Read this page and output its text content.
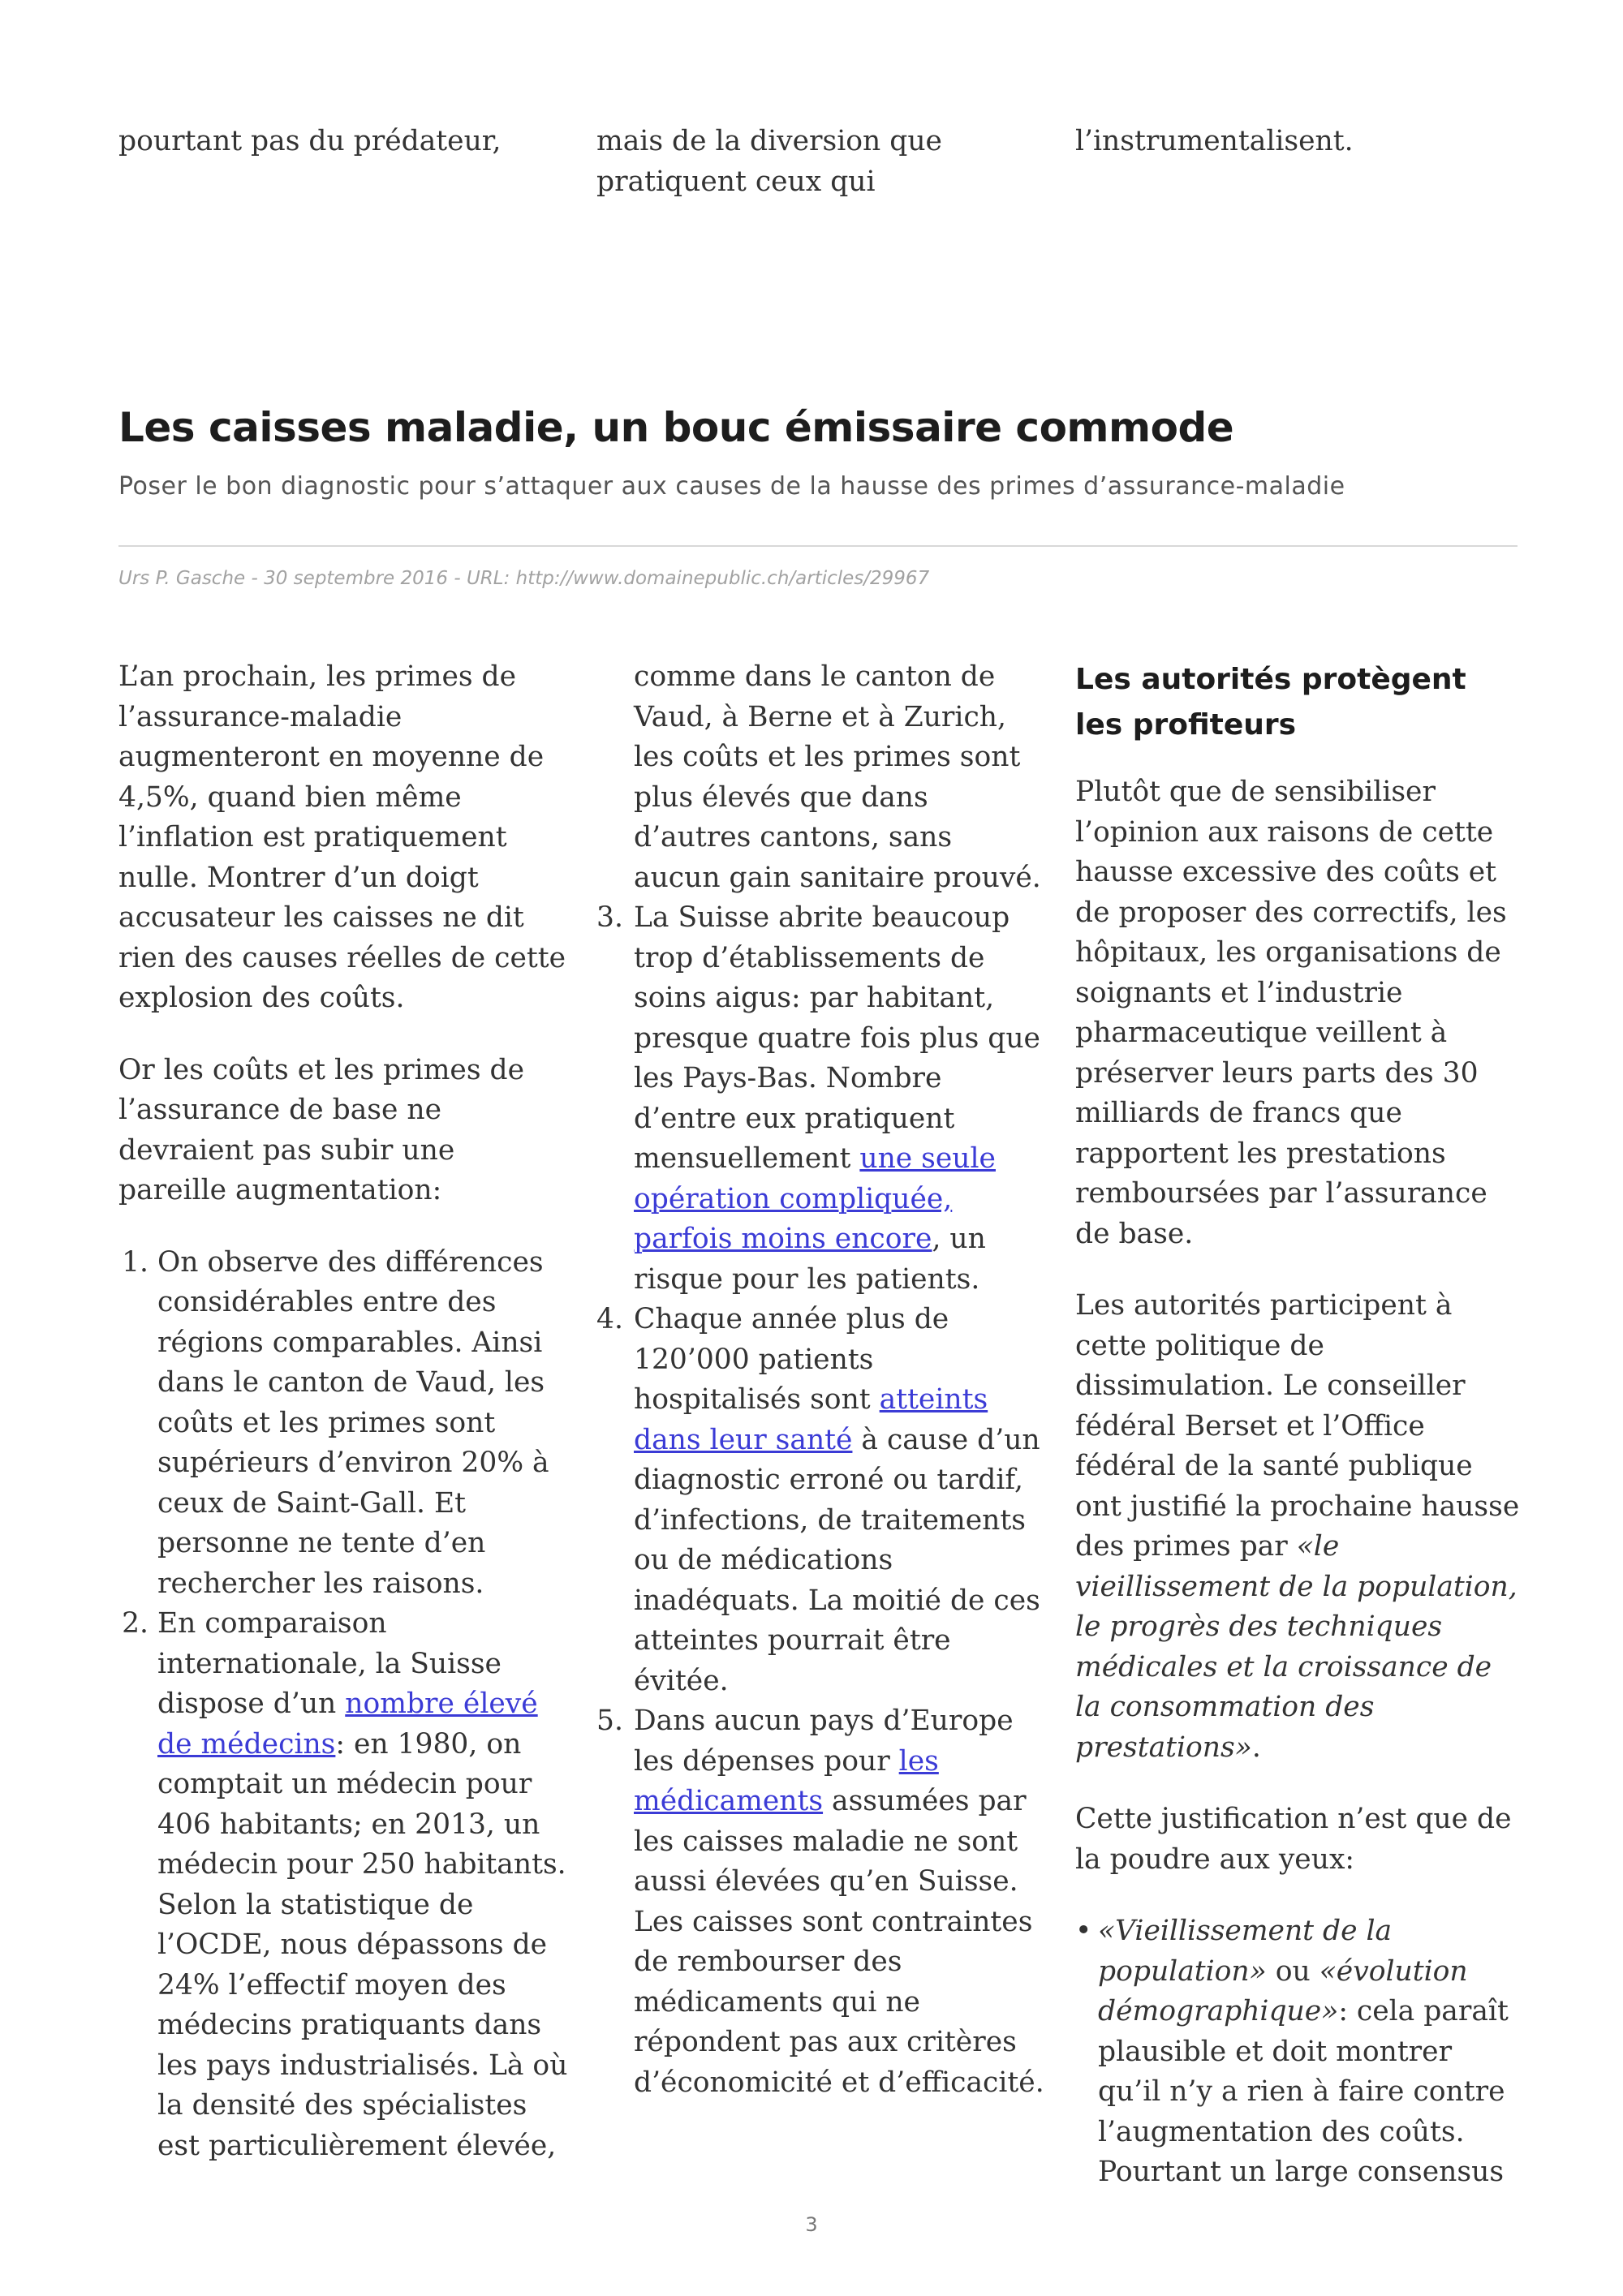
pourtant pas du prédateur,	mais de la diversion que pratiquent ceux qui
l’instrumentalisent.
Les caisses maladie, un bouc émissaire commode

Poser le bon diagnostic pour s’attaquer aux causes de la hausse des primes d’assurance-maladie

Urs P. Gasche - 30 septembre 2016 - URL: http://www.domainepublic.ch/articles/29967

L’an prochain, les primes de l’assurance-maladie augmenteront en moyenne de 4,5%, quand bien même l’inflation est pratiquement nulle. Montrer d’un doigt accusateur les caisses ne dit rien des causes réelles de cette explosion des coûts.

Or les coûts et les primes de l’assurance de base ne devraient pas subir une pareille augmentation:

1. On observe des différences considérables entre des régions comparables. Ainsi dans le canton de Vaud, les coûts et les primes sont supérieurs d’environ 20% à ceux de Saint-Gall. Et personne ne tente d’en rechercher les raisons.
2. En comparaison internationale, la Suisse dispose d’un nombre élevé de médecins: en 1980, on comptait un médecin pour 406 habitants; en 2013, un médecin pour 250 habitants. Selon la statistique de l’OCDE, nous dépassons de 24% l’effectif moyen des médecins pratiquants dans les pays industrialisés. Là où la densité des spécialistes est particulièrement élevée,
comme dans le canton de Vaud, à Berne et à Zurich, les coûts et les primes sont plus élevés que dans d’autres cantons, sans aucun gain sanitaire prouvé.
3. La Suisse abrite beaucoup trop d’établissements de soins aigus: par habitant, presque quatre fois plus que les Pays-Bas. Nombre d’entre eux pratiquent mensuellement une seule opération compliquée, parfois moins encore, un risque pour les patients.
4. Chaque année plus de 120’000 patients hospitalisés sont atteints dans leur santé à cause d’un diagnostic erroné ou tardif, d’infections, de traitements ou de médications inadéquats. La moitié de ces atteintes pourrait être évitée.
5. Dans aucun pays d’Europe les dépenses pour les médicaments assumées par les caisses maladie ne sont aussi élevées qu’en Suisse. Les caisses sont contraintes de rembourser des médicaments qui ne répondent pas aux critères d’économicité et d’efficacité.
Les autorités protègent les profiteurs

Plutôt que de sensibiliser l’opinion aux raisons de cette hausse excessive des coûts et de proposer des correctifs, les hôpitaux, les organisations de soignants et l’industrie pharmaceutique veillent à préserver leurs parts des 30 milliards de francs que rapportent les prestations remboursées par l’assurance de base.

Les autorités participent à cette politique de dissimulation. Le conseiller fédéral Berset et l’Office fédéral de la santé publique ont justifié la prochaine hausse des primes par «le vieillissement de la population, le progrès des techniques médicales et la croissance de la consommation des prestations».

Cette justification n’est que de la poudre aux yeux:

• «Vieillissement de la population» ou «évolution démographique»: cela paraît plausible et doit montrer qu’il n’y a rien à faire contre l’augmentation des coûts. Pourtant un large consensus
3
